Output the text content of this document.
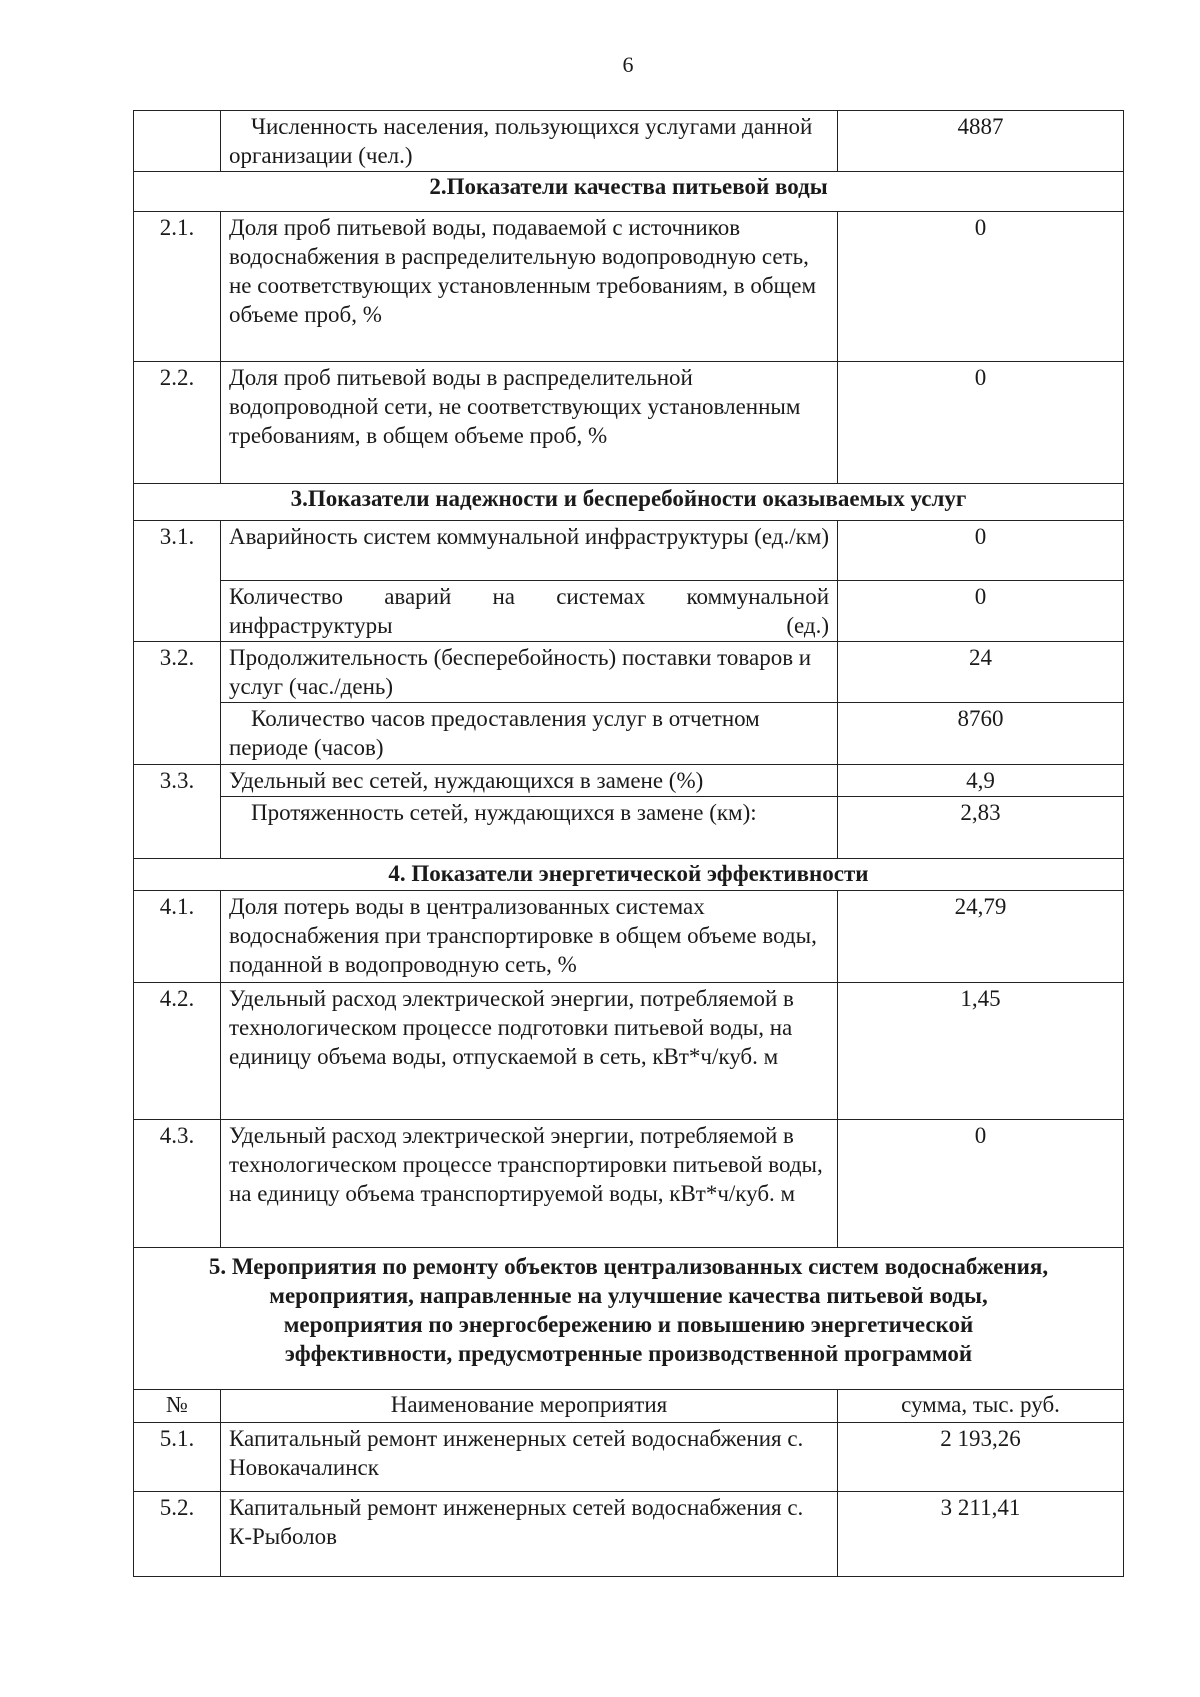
6
	Численность населения, пользующихся услугами данной организации (чел.)	4887
2.Показатели качества питьевой воды		
2.1.	Доля проб питьевой воды, подаваемой с источников водоснабжения в распределительную водопроводную сеть, не соответствующих установленным требованиям, в общем объеме проб, %	0
2.2.	Доля проб питьевой воды в распределительной водопроводной сети, не соответствующих установленным требованиям, в общем объеме проб, %	0
3.Показатели надежности и бесперебойности оказываемых услуг		
3.1.	Аварийность систем коммунальной инфраструктуры (ед./км)	0
	Количество аварий на системах коммунальной инфраструктуры (ед.)	0
3.2.	Продолжительность (бесперебойность) поставки товаров и услуг (час./день)	24
	Количество часов предоставления услуг в отчетном периоде (часов)	8760
3.3.	Удельный вес сетей, нуждающихся в замене (%)	4,9
	Протяженность сетей, нуждающихся в замене (км):	2,83
4. Показатели энергетической эффективности		
4.1.	Доля потерь воды в централизованных системах водоснабжения при транспортировке в общем объеме воды, поданной в водопроводную сеть, %	24,79
4.2.	Удельный расход электрической энергии, потребляемой в технологическом процессе подготовки питьевой воды, на единицу объема воды, отпускаемой в сеть, кВт*ч/куб. м	1,45
4.3.	Удельный расход электрической энергии, потребляемой в технологическом процессе транспортировки питьевой воды, на единицу объема транспортируемой воды, кВт*ч/куб. м	0

5. Мероприятия по ремонту объектов централизованных систем водоснабжения,
мероприятия, направленные на улучшение качества питьевой воды,
мероприятия по энергосбережению и повышению энергетической
эффективности, предусмотренные производственной программой		

№	Наименование мероприятия	сумма, тыс. руб.
5.1.	Капитальный ремонт инженерных сетей водоснабжения с. Новокачалинск	2 193,26
5.2.	Капитальный ремонт инженерных сетей водоснабжения с. К-Рыболов	3 211,41
